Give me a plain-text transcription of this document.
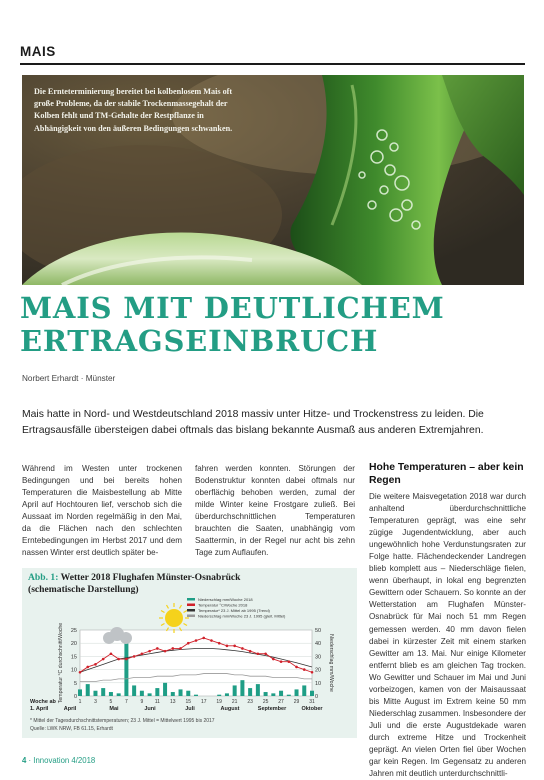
MAIS
Die Ernteterminierung bereitet bei kolbenlosem Mais oft große Probleme, da der stabile Trockenmassegehalt der Kolben fehlt und TM-Gehalte der Restpflanze in Abhängigkeit von den äußeren Bedingungen schwanken.
MAIS MIT DEUTLICHEM
ERTRAGSEINBRUCH
Norbert Erhardt · Münster
Mais hatte in Nord- und Westdeutschland 2018 massiv unter Hitze- und Trockenstress zu leiden. Die Ertragsausfälle übersteigen dabei oftmals das bislang bekannte Ausmaß aus anderen Extremjahren.
Während im Westen unter trockenen Bedingungen und bei bereits hohen Temperaturen die Maisbestellung ab Mitte April auf Hochtouren lief, verschob sich die Aussaat im Norden regelmäßig in den Mai, da die Flächen nach den schlechten Erntebedingungen im Herbst 2017 und dem nassen Winter erst deutlich später be-
fahren werden konnten. Störungen der Bodenstruktur konnten dabei oftmals nur oberflächig behoben werden, zumal der milde Winter keine Frostgare zuließ. Bei überdurchschnittlichen Temperaturen brauchten die Saaten, unabhängig vom Saattermin, in der Regel nur acht bis zehn Tage zum Auflaufen.
Hohe Temperaturen – aber kein Regen
Die weitere Maisvegetation 2018 war durch anhaltend überdurchschnittliche Temperaturen geprägt, was eine sehr zügige Jugendentwicklung, aber auch ungewöhnlich hohe Verdunstungsraten zur Folge hatte. Flächendeckender Landregen blieb komplett aus – Niederschläge fielen, wenn überhaupt, in lokal eng begrenzten Gewittern oder Schauern. So konnte an der Wetterstation am Flughafen Münster-Osnabrück für Mai noch 51 mm Regen gemessen werden. 40 mm davon fielen dabei in kürzester Zeit mit einem starken Gewitter am 13. Mai. Nur einige Kilometer entfernt blieb es am gleichen Tag trocken. Wo Gewitter und Schauer im Mai und Juni vorbeizogen, kamen von der Maisaussaat bis Mitte August im Extrem keine 50 mm Niederschlag zusammen. Insbesondere der Juli und die erste Augustdekade waren durch extreme Hitze und Trockenheit geprägt. An vielen Orten fiel über Wochen gar kein Regen. Im Gegensatz zu anderen Jahren mit deutlich unterdurchschnittli-
Abb. 1: Wetter 2018 Flughafen Münster-Osnabrück
(schematische Darstellung)
0
5
10
15
20
25
0
10
20
30
40
50
Temperatur °C durchschnitt/Woche	Niederschlag mm/Woche
1	3	5	7	9 11 13 15 17 19 21 23 25 27 29 31
Woche ab
1. April	April	Mai	Juni	Juli	August	September	Oktober
Niederschlag mm/Woche 2018
Temperatur °C/Woche 2018
Temperatur* 23 J. Mittel ab 1995 (Trend)
Niederschlag mm/Woche 23 J. 1995 (gleit. Mittel)
* Mittel der Tagesdurchschnittstemperaturen; 23 J. Mittel = Mittelwert 1995 bis 2017
Quelle: LWK NRW, FB 61.15, Erhardt
4 · Innovation 4/2018
